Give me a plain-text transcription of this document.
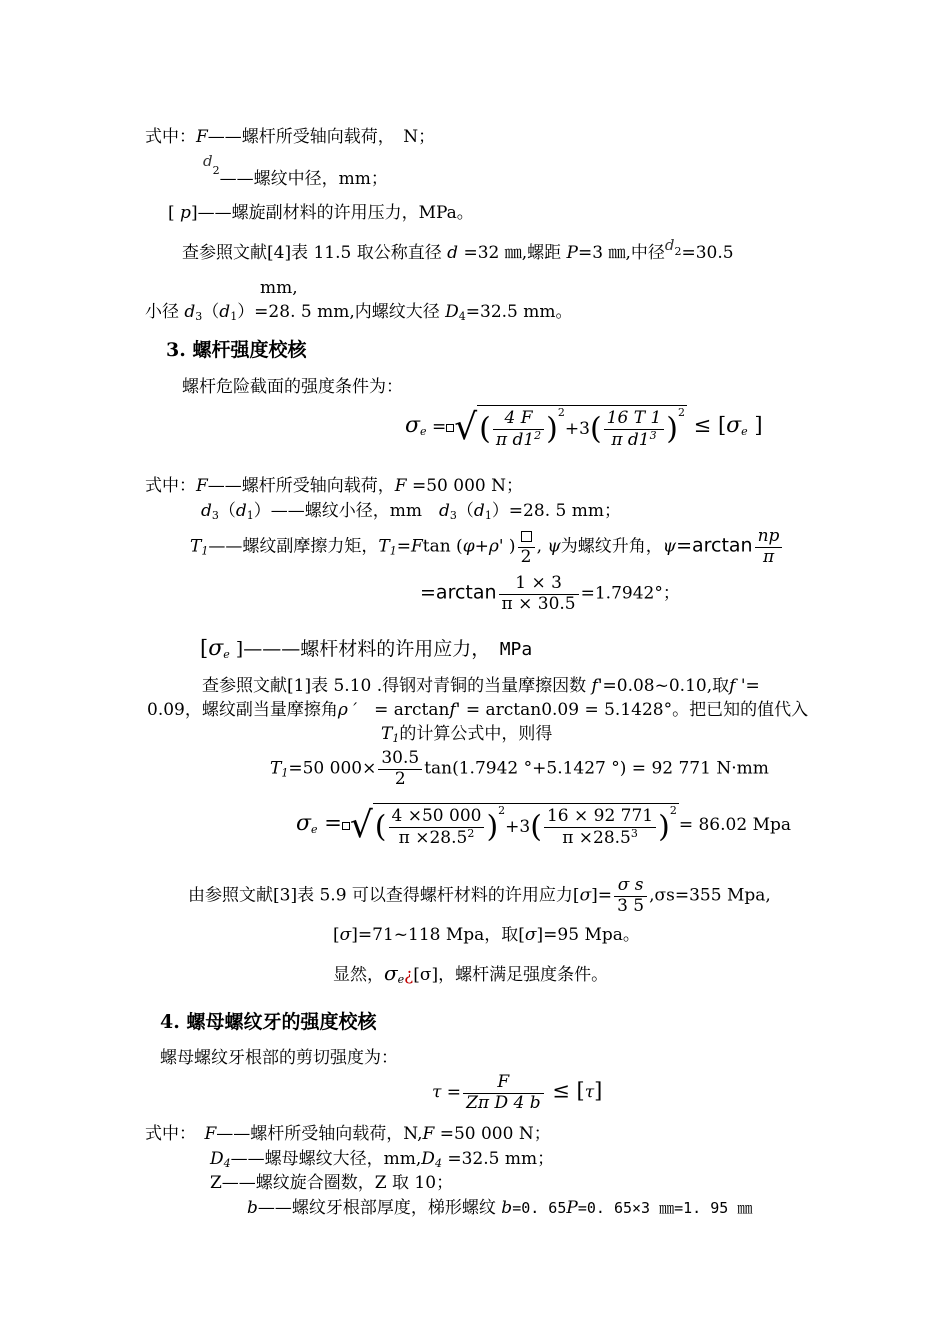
式中：F——螺杆所受轴向载荷，　N；
d2——螺纹中径，mm；
[ p]——螺旋副材料的许用压力，MPa。
查参照文献[4]表 11.5 取公称直径 d =32 ㎜,螺距 P=3 ㎜,中径$d^2=30.5$
mm,
小径 $d_3(d_1)=28$. 5 mm,内螺纹大径 $D_4=32.5$ mm。
3. 螺杆强度校核
螺杆危险截面的强度条件为：
$\sigma_e$ = √( $\frac{4 F}{\pi d1^2} )^2+3( \frac{16 T 1}{\pi d1^3} )^2 \le [\sigma_e$ ]
式中：F——螺杆所受轴向载荷，F =50 000 N；
$d_3(d_1)——$螺纹小径，mm　$d_3(d_1)=28$. 5 mm；
$T_1——$螺纹副摩擦力矩，$T_1=Ftan$ (φ+ρ' ) 2 , ψ为螺纹升角，$\psi=\arctan \frac{np}{\pi}$
$=\arctan \frac{1 \times 3}{\pi \times 30.5} =1.7942^\circ$；
[$\sigma_e$ ]———螺杆材料的许用应力，　MPa
查参照文献[1]表 5.10 .得钢对青铜的当量摩擦因数 f'=0.08~0.10,取f '=
0.09，螺纹副当量摩擦角ρ ′　= arctanf' = arctan0.09 = 5.1428°。把已知的值代入
$T_1$的计算公式中，则得
$T_1=50$ $000\times \frac{30.5}{2} \tan(1.7942$ °+5.1427 °) = 92 771 N·mm
$\sigma_e$ = √( $\frac{4 \times 50 000}{\pi \times 28.5^2} )^2+3( \frac{16 \times 92 771}{\pi \times 28.5^3} )^2= 86.02$ Mpa
由参照文献[3]表 5.9 可以查得螺杆材料的许用应力$[\sigma]= \frac{\text{σ s}}{3 5} ,\sigma s=355$ Mpa,
[σ]=71~118 Mpa，取[σ]=95 Mpa。
显然，$\sigma_e¿[\sigma]$，螺杆满足强度条件。
4. 螺母螺纹牙的强度校核
螺母螺纹牙根部的剪切强度为：
$\tau = \frac{F}{\text{Zπ D 4 b}} \le [\tau]$
式中：　F——螺杆所受轴向载荷，N,F =50 000 N；
$D_4——$螺母螺纹大径，$mm,D_4 =32.5$ mm；
Z——螺纹旋合圈数，Z 取 10；
b——螺纹牙根部厚度，梯形螺纹 b=0. 65P=0. 65×3 ㎜=1. 95 ㎜
